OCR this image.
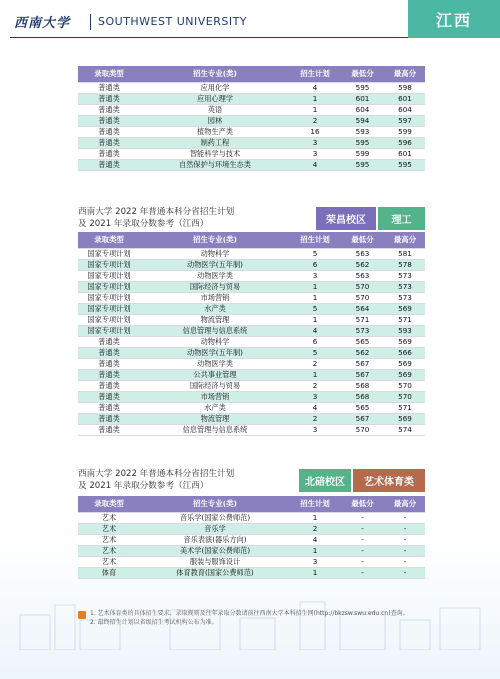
西南大学	SOUTHWEST UNIVERSITY	江西
录取类型	招生专业(类)	招生计划	最低分	最高分
普通类	应用化学	4	595	598
普通类	应用心理学	1	601	601
普通类	英语	1	604	604
普通类	园林	2	594	597
普通类	植物生产类	16	593	599
普通类	制药工程	3	595	596
普通类	智能科学与技术	3	599	601
普通类	自然保护与环境生态类	4	595	595
西南大学 2022 年普通本科分省招生计划
及 2021 年录取分数参考（江西）	荣昌校区	理工
录取类型	招生专业(类)	招生计划	最低分	最高分
国家专项计划	动物科学	5	563	581
国家专项计划	动物医学(五年制)	6	562	578
国家专项计划	动物医学类	3	563	573
国家专项计划	国际经济与贸易	1	570	573
国家专项计划	市场营销	1	570	573
国家专项计划	水产类	5	564	569
国家专项计划	物流管理	1	571	571
国家专项计划	信息管理与信息系统	4	573	593
普通类	动物科学	6	565	569
普通类	动物医学(五年制)	5	562	566
普通类	动物医学类	2	567	569
普通类	公共事业管理	1	567	569
普通类	国际经济与贸易	2	568	570
普通类	市场营销	3	568	570
普通类	水产类	4	565	571
普通类	物流管理	2	567	569
普通类	信息管理与信息系统	3	570	574
西南大学 2022 年普通本科分省招生计划
及 2021 年录取分数参考（江西）	北碚校区	艺术体育类
录取类型	招生专业(类)	招生计划	最低分	最高分
艺术	音乐学(国家公费师范)	1	-	-
艺术	音乐学	2	-	-
艺术	音乐表演(器乐方向)	4	-	-
艺术	美术学(国家公费师范)	1	-	-
艺术	服装与服饰设计	3	-	-
体育	体育教育(国家公费师范)	1	-	-

1. 艺术体育类的具体招生要求、录取规则及往年录取分数请前往西南大学本科招生网(http://bkzsw.swu.edu.cn)查询。

2. 最终招生计划以省级招生考试机构公布为准。
